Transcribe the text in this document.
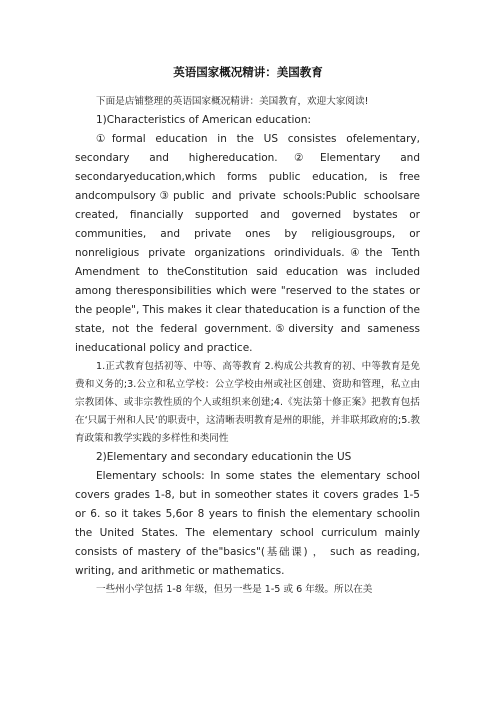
英语国家概况精讲：美国教育

下面是店铺整理的英语国家概况精讲：美国教育，欢迎大家阅读!

1)Characteristics of American education:

①formal education in the US consistes ofelementary, secondary and highereducation.②Elementary and secondaryeducation,which forms public education, is free andcompulsory③public and private schools:Public schoolsare created, financially supported and governed bystates or communities, and private ones by religiousgroups, or nonreligious private organizations orindividuals.④the Tenth Amendment to theConstitution said education was included among theresponsibilities which were "reserved to the states or the people", This makes it clear thateducation is a function of the state, not the federal government.⑤diversity and sameness ineducational policy and practice.

1.正式教育包括初等、中等、高等教育 2.构成公共教育的初、中等教育是免费和义务的;3.公立和私立学校：公立学校由州或社区创建、资助和管理，私立由宗教团体、或非宗教性质的个人或组织来创建;4.《宪法第十修正案》把教育包括在‘只属于州和人民’的职责中，这清晰表明教育是州的职能，并非联邦政府的;5.教育政策和教学实践的多样性和类同性

2)Elementary and secondary educationin the US

Elementary schools: In some states the elementary school covers grades 1-8, but in someother states it covers grades 1-5 or 6. so it takes 5,6or 8 years to finish the elementary schoolin the United States. The elementary school curriculum mainly consists of mastery of the"basics"(基础课) ， such as reading, writing, and arithmetic or mathematics.

一些州小学包括 1-8 年级，但另一些是 1-5 或 6 年级。所以在美
